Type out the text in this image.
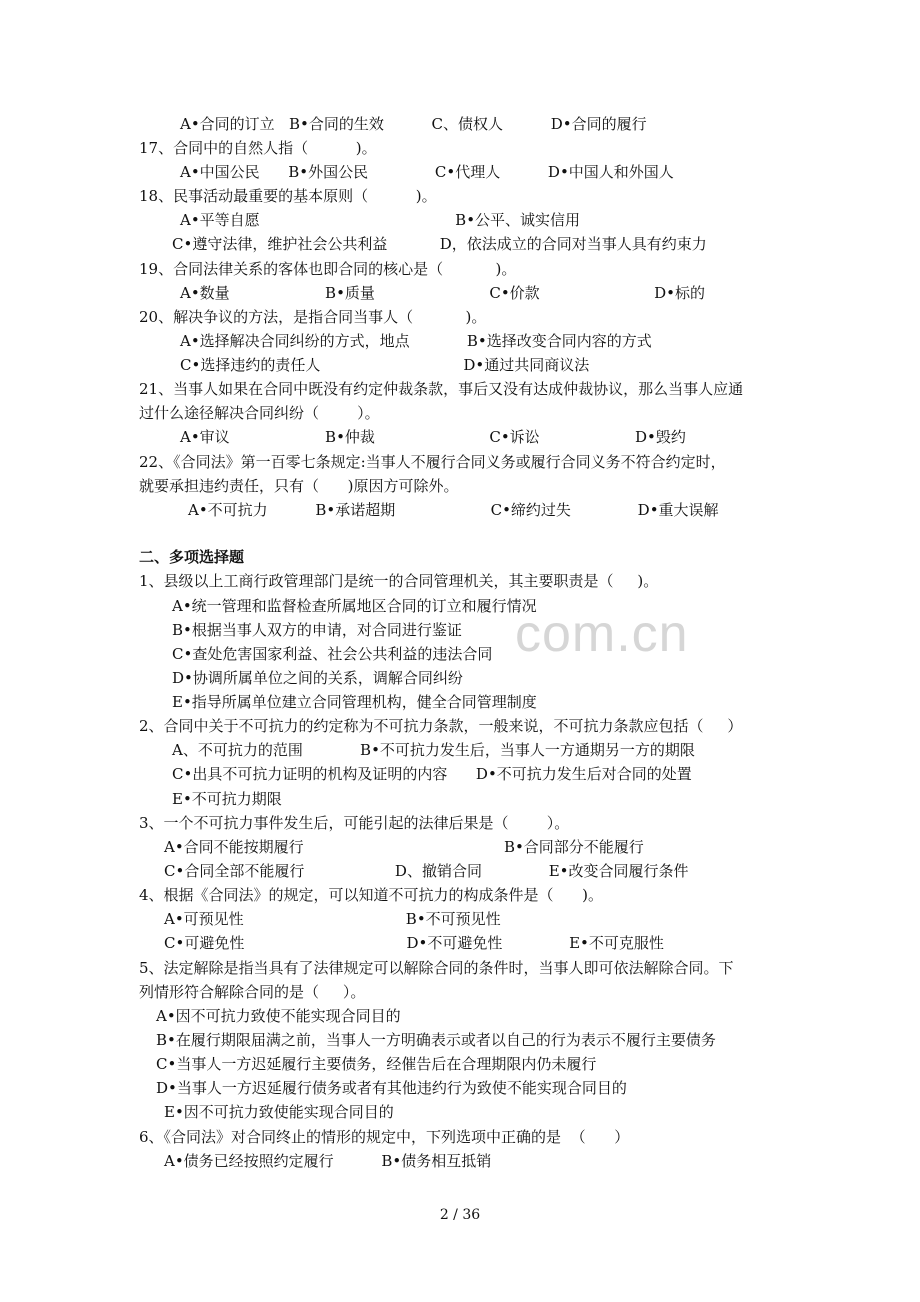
com.cn
A•合同的订立   B•合同的生效          C、债权人          D•合同的履行
17、合同中的自然人指（          )。
A•中国公民      B•外国公民              C•代理人          D•中国人和外国人
18、民事活动最重要的基本原则（          )。
A•平等自愿                                         B•公平、诚实信用
C•遵守法律，维护社会公共利益           D，依法成立的合同对当事人具有约束力
19、合同法律关系的客体也即合同的核心是（           )。
A•数量                    B•质量                        C•价款                        D•标的
20、解决争议的方法，是指合同当事人（           )。
A•选择解决合同纠纷的方式，地点            B•选择改变合同内容的方式
C•选择违约的责任人                              D•通过共同商议法
21、当事人如果在合同中既没有约定仲裁条款，事后又没有达成仲裁协议，那么当事人应通
过什么途径解决合同纠纷（        ）。
A•审议                    B•仲裁                        C•诉讼                    D•毁约
22、《合同法》第一百零七条规定:当事人不履行合同义务或履行合同义务不符合约定时，
就要承担违约责任，只有（      )原因方可除外。
A•不可抗力          B•承诺超期                    C•缔约过失              D•重大误解
二、多项选择题
1、县级以上工商行政管理部门是统一的合同管理机关，其主要职责是（     )。
A•统一管理和监督检查所属地区合同的订立和履行情况
B•根据当事人双方的申请，对合同进行鉴证
C•查处危害国家利益、社会公共利益的违法合同
D•协调所属单位之间的关系，调解合同纠纷
E•指导所属单位建立合同管理机构，健全合同管理制度
2、合同中关于不可抗力的约定称为不可抗力条款，一般来说，不可抗力条款应包括（     ）
A、不可抗力的范围            B•不可抗力发生后，当事人一方通期另一方的期限
C•出具不可抗力证明的机构及证明的内容      D•不可抗力发生后对合同的处置
E•不可抗力期限
3、一个不可抗力事件发生后，可能引起的法律后果是（        ）。
A•合同不能按期履行                                          B•合同部分不能履行
C•合同全部不能履行                   D、撤销合同              E•改变合同履行条件
4、根据《合同法》的规定，可以知道不可抗力的构成条件是（      )。
A•可预见性                                  B•不可预见性
C•可避免性                                  D•不可避免性              E•不可克服性
5、法定解除是指当具有了法律规定可以解除合同的条件时，当事人即可依法解除合同。下
列情形符合解除合同的是（     ）。
A•因不可抗力致使不能实现合同目的
B•在履行期限届满之前，当事人一方明确表示或者以自己的行为表示不履行主要债务
C•当事人一方迟延履行主要债务，经催告后在合理期限内仍未履行
D•当事人一方迟延履行债务或者有其他违约行为致使不能实现合同目的
E•因不可抗力致使能实现合同目的
6、《合同法》对合同终止的情形的规定中，下列选项中正确的是  （      ）
A•债务已经按照约定履行          B•债务相互抵销
2 / 36
